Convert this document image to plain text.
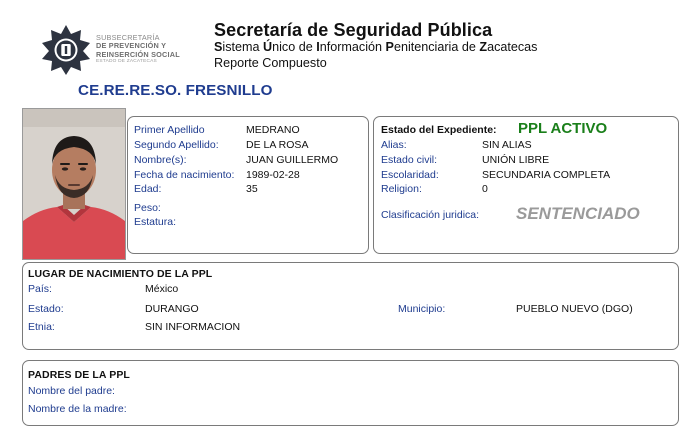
SUBSECRETARÍA
DE PREVENCIÓN Y
REINSERCIÓN SOCIAL
ESTADO DE ZACATECAS
Secretaría de Seguridad Pública
Sistema Único de Información Penitenciaria de Zacatecas
Reporte Compuesto
CE.RE.RE.SO. FRESNILLO
Primer Apellido	MEDRANO
Segundo Apellido:	DE LA ROSA
Nombre(s):	JUAN GUILLERMO
Fecha de nacimiento: 1989-02-28
Edad:	35
Peso:
Estatura:
Estado del Expediente: PPL ACTIVO
Alias:	SIN ALIAS
Estado civil:	UNIÓN LIBRE
Escolaridad:	SECUNDARIA COMPLETA
Religion:	0
Clasificación juridica: SENTENCIADO
LUGAR DE NACIMIENTO DE LA PPL
País:	México
Estado:	DURANGO	Municipio:	PUEBLO NUEVO (DGO)
Etnia:	SIN INFORMACION
PADRES DE LA PPL
Nombre del padre:
Nombre de la madre:
